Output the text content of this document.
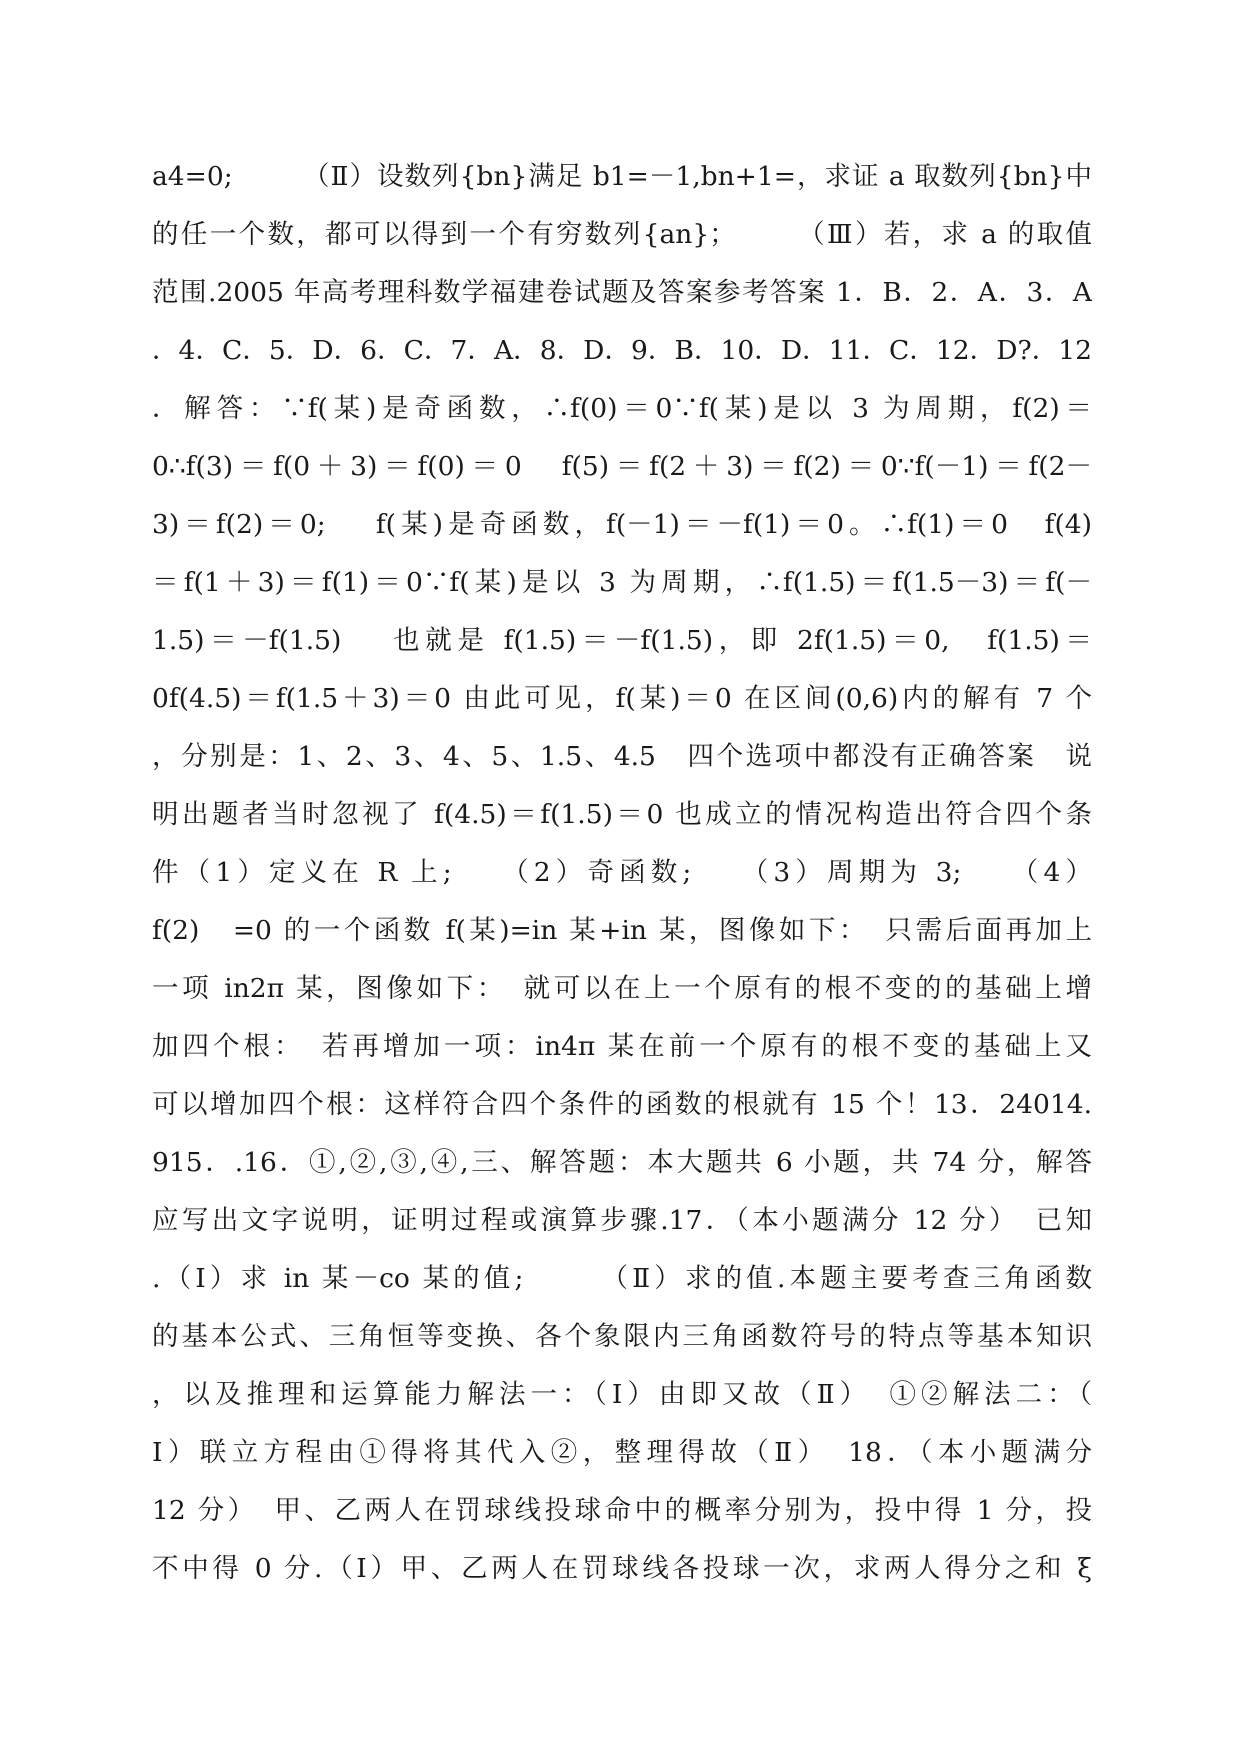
a4=0;　　　（Ⅱ）设数列{bn}满足 b1=－1,bn+1=，求证 a 取数列{bn}中
的任一个数，都可以得到一个有穷数列{an}；　　　（Ⅲ）若，求 a 的取值
范围.2005 年高考理科数学福建卷试题及答案参考答案 1．B．2．A．3．A
．4．C．5．D．6．C．7．A．8．D．9．B．10．D．11．C．12．D?．12
．解答：∵f(某)是奇函数，∴f(0)＝0∵f(某)是以 3 为周期，f(2)＝
0∴f(3)＝f(0＋3)＝f(0)＝0　f(5)＝f(2＋3)＝f(2)＝0∵f(－1)＝f(2－
3)＝f(2)＝0;　 f(某)是奇函数，f(－1)＝－f(1)＝0。∴f(1)＝0　f(4)
＝f(1＋3)＝f(1)＝0∵f(某)是以 3 为周期，∴f(1.5)＝f(1.5－3)＝f(－
1.5)＝－f(1.5)　 也就是 f(1.5)＝－f(1.5)，即 2f(1.5)＝0,　f(1.5)＝
0f(4.5)＝f(1.5＋3)＝0 由此可见，f(某)＝0 在区间(0,6)内的解有 7 个
，分别是：1、2、3、4、5、1.5、4.5　四个选项中都没有正确答案　说
明出题者当时忽视了 f(4.5)＝f(1.5)＝0 也成立的情况构造出符合四个条
件（1）定义在 R 上;　 （2）奇函数;　 （3）周期为 3;　 （4）
f(2)　=0 的一个函数 f(某)=in 某+in 某，图像如下：　只需后面再加上
一项 in2π 某，图像如下：　就可以在上一个原有的根不变的的基础上增
加四个根：　若再增加一项：in4π 某在前一个原有的根不变的基础上又
可以增加四个根：这样符合四个条件的函数的根就有 15 个！13．24014.
915．.16．①,②,③,④,三、解答题：本大题共 6 小题，共 74 分，解答
应写出文字说明，证明过程或演算步骤.17．（本小题满分 12 分）　已知
.（I）求 in 某－co 某的值;　　 （Ⅱ）求的值.本题主要考查三角函数
的基本公式、三角恒等变换、各个象限内三角函数符号的特点等基本知识
，以及推理和运算能力解法一：（Ⅰ）由即又故（Ⅱ）　①②解法二：（
Ⅰ）联立方程由①得将其代入②，整理得故（Ⅱ）　18．（本小题满分
12 分）　甲、乙两人在罚球线投球命中的概率分别为，投中得 1 分，投
不中得 0 分.（Ⅰ）甲、乙两人在罚球线各投球一次，求两人得分之和 ξ
